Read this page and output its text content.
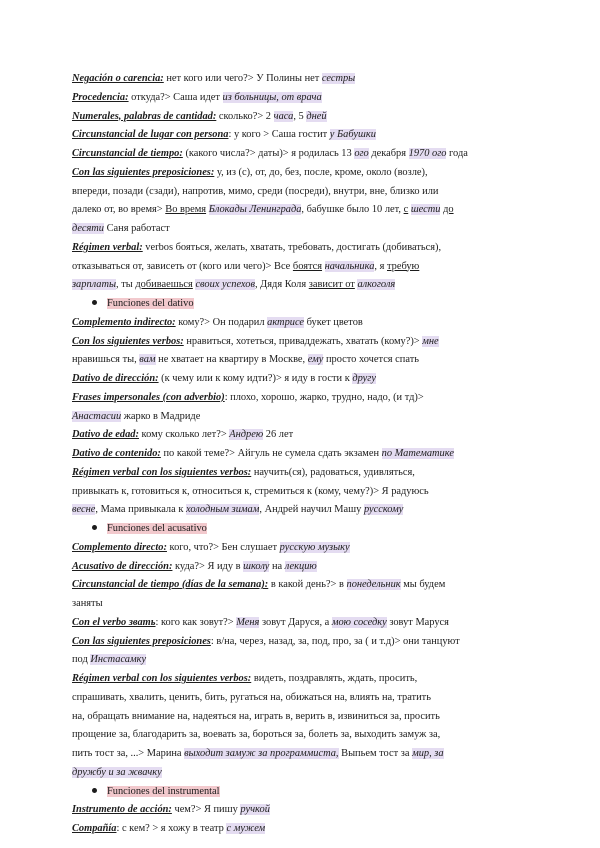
Negación o carencia: нет кого или чего?> У Полины нет сестры
Procedencia: откуда?> Саша идет из больницы, от врача
Numerales, palabras de cantidad: сколько?> 2 часа, 5 дней
Circunstancial de lugar con persona: у кого > Саша гостит у Бабушки
Circunstancial de tiempo: (какого числа?> даты)> я родилась 13 ого декабря 1970 ого года
Con las siguientes preposiciones: у, из (с), от, до, без, после, кроме, около (возле),
впереди, позади (сзади), напротив, мимо, среди (посреди), внутри, вне, близко или
далеко от, во время> Во время Блокады Ленинграда, бабушке было 10 лет, с шести до
десяти Саня работаст
Régimen verbal: verbos бояться, желать, хватать, требовать, достигать (добиваться),
отказываться от, зависеть от (кого или чего)> Все боятся начальника, я требую
зарплаты, ты добиваешься своих успехов, Дядя Коля зависит от алкоголя
Funciones del dativo
Complemento indirecto: кому?> Он подарил актрисе букет цветов
Con los siguientes verbos: нравиться, хотеться, приваддежать, хватать (кому?)> мне
нравишься ты, вам не хватает на квартиру в Москве, ему просто хочется спать
Dativo de dirección: (к чему или к кому идти?)> я иду в гости к другу
Frases impersonales (con adverbio): плохо, хорошо, жарко, трудно, надо, (и тд)>
Анастасии жарко в Мадриде
Dativo de edad: кому сколько лет?> Андрею 26 лет
Dativo de contenido: по какой теме?> Айгуль не сумела сдать экзамен по Математике
Régimen verbal con los siguientes verbos: научить(ся), радоваться, удивляться,
привыкать к, готовиться к, относиться к, стремиться к (кому, чему?)> Я радуюсь
весне, Мама привыкала к холодным зимам, Андрей научил Машу русскому
Funciones del acusativo
Complemento directo: кого, что?> Бен слушает русскую музыку
Acusativo de dirección: куда?> Я иду в школу на лекцию
Circunstancial de tiempo (días de la semana): в какой день?> в понедельник мы будем
заняты
Con el verbo звать: кого как зовут?> Меня зовут Даруся, а мою соседку зовут Маруся
Con las siguientes preposiciones: в/на, через, назад, за, под, про, за ( и т.д)> они танцуют
под Инстасамку
Régimen verbal con los siguientes verbos: видеть, поздравлять, ждать, просить,
спрашивать, хвалить, ценить, бить, ругаться на, обижаться на, влиять на, тратить
на, обращать внимание на, надеяться на, играть в, верить в, извиниться за, просить
прощение за, благодарить за, воевать за, бороться за, болеть за, выходить замуж за,
пить тост за, ...> Марина выходит замуж за программиста, Выпьем тост за мир, за
дружбу и за жвачку
Funciones del instrumental
Instrumento de acción: чем?> Я пишу ручкой
Compañía: с кем? > я хожу в театр с мужем
